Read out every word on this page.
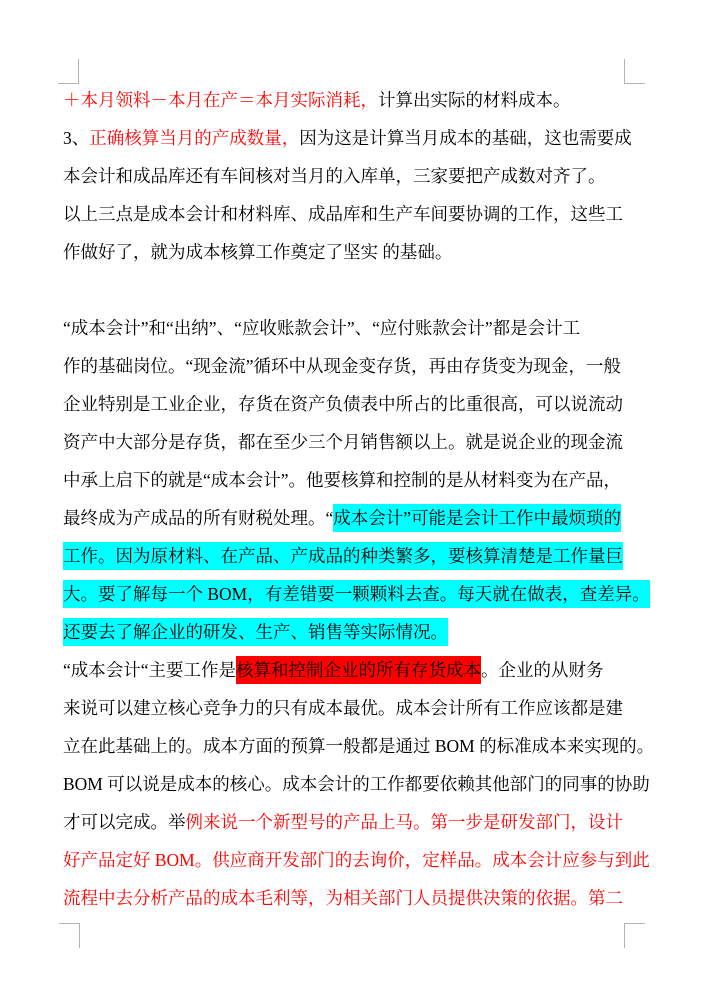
＋本月领料－本月在产＝本月实际消耗，计算出实际的材料成本。
3、正确核算当月的产成数量，因为这是计算当月成本的基础，这也需要成
本会计和成品库还有车间核对当月的入库单，三家要把产成数对齐了。
以上三点是成本会计和材料库、成品库和生产车间要协调的工作，这些工
作做好了，就为成本核算工作奠定了坚实 的基础。

“成本会计”和“出纳”、“应收账款会计”、“应付账款会计”都是会计工
作的基础岗位。“现金流”循环中从现金变存货，再由存货变为现金，一般
企业特别是工业企业，存货在资产负债表中所占的比重很高，可以说流动
资产中大部分是存货，都在至少三个月销售额以上。就是说企业的现金流
中承上启下的就是“成本会计”。他要核算和控制的是从材料变为在产品，
最终成为产成品的所有财税处理。“成本会计”可能是会计工作中最烦琐的
工作。因为原材料、在产品、产成品的种类繁多，要核算清楚是工作量巨
大。要了解每一个 BOM，有差错要一颗颗料去查。每天就在做表，查差异。
还要去了解企业的研发、生产、销售等实际情况。
“成本会计“主要工作是核算和控制企业的所有存货成本。企业的从财务
来说可以建立核心竞争力的只有成本最优。成本会计所有工作应该都是建
立在此基础上的。成本方面的预算一般都是通过 BOM 的标准成本来实现的。
BOM 可以说是成本的核心。成本会计的工作都要依赖其他部门的同事的协助
才可以完成。举例来说一个新型号的产品上马。第一步是研发部门，设计
好产品定好 BOM。供应商开发部门的去询价，定样品。成本会计应参与到此
流程中去分析产品的成本毛利等，为相关部门人员提供决策的依据。第二
